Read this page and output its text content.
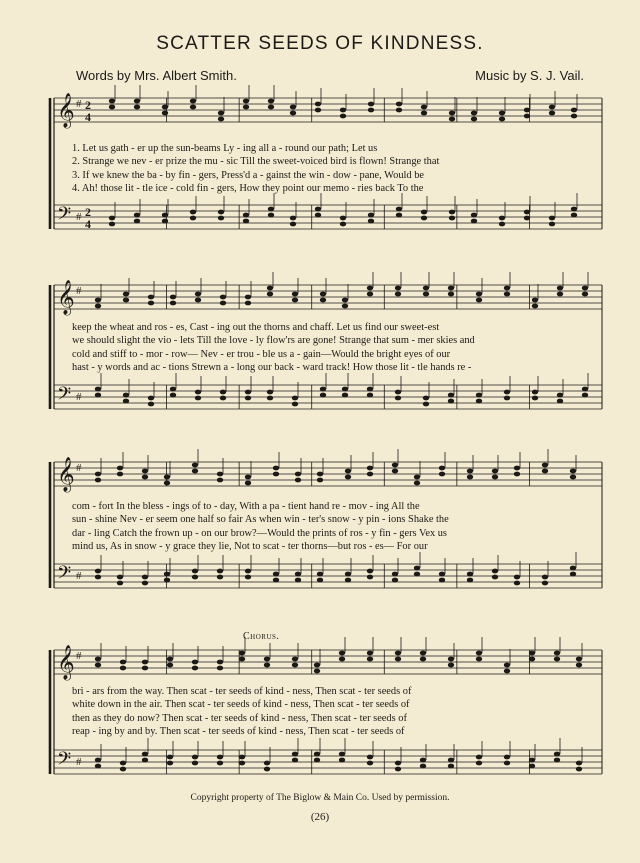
SCATTER SEEDS OF KINDNESS.
Words by Mrs. Albert Smith.	Music by S. J. Vail.
𝄞
𝄢
#
#
2
2
4
4
𝄞
𝄢
#
#
𝄞
𝄢
#
#
𝄞
𝄢
#
#
1. Let us gath - er up the sun-beams Ly - ing all a - round our path; Let us
2. Strange we nev - er prize the mu - sic Till the sweet-voiced bird is flown! Strange that
3. If we knew the ba - by fin - gers, Press'd a - gainst the win - dow - pane, Would be
4. Ah! those lit - tle ice - cold fin - gers, How they point our memo - ries back To the
keep the wheat and ros - es, Cast - ing out the thorns and chaff. Let us find our sweet-est
we should slight the vio - lets Till the love - ly flow'rs are gone! Strange that sum - mer skies and
cold and stiff to - mor - row— Nev - er trou - ble us a - gain—Would the bright eyes of our
hast - y words and ac - tions Strewn a - long our back - ward track! How those lit - tle hands re -
com - fort In the bless - ings of to - day, With a pa - tient hand re - mov - ing All the
sun - shine Nev - er seem one half so fair As when win - ter's snow - y pin - ions Shake the
dar - ling Catch the frown up - on our brow?—Would the prints of ros - y fin - gers Vex us
mind us, As in snow - y grace they lie, Not to scat - ter thorns—but ros - es— For our
Chorus.
bri - ars from the way. Then scat - ter seeds of kind - ness, Then scat - ter seeds of
white down in the air. Then scat - ter seeds of kind - ness, Then scat - ter seeds of
then as they do now? Then scat - ter seeds of kind - ness, Then scat - ter seeds of
reap - ing by and by. Then scat - ter seeds of kind - ness, Then scat - ter seeds of
Copyright property of The Biglow & Main Co. Used by permission.
(26)
